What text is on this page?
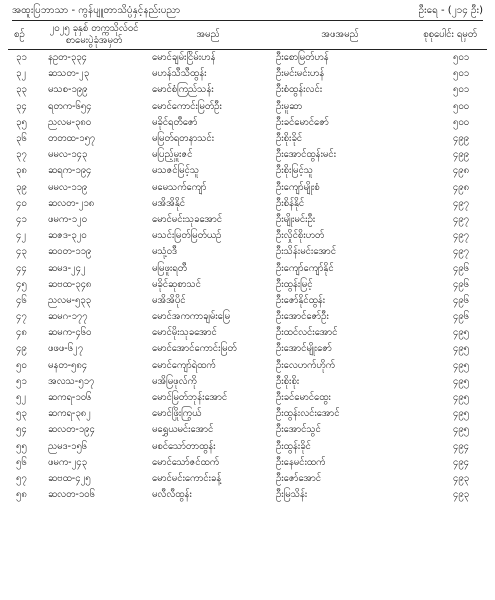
အထူးပြဘာသာ - ကွန်ပျူတာသိပ္ပံနှင့်နည်းပညာ	ဦးရေ - (၂၁၄ ဦး)
စဉ်	၂၀၂၅ ခုနှစ် တက္ကသိုလ်ဝင် စာမေးပွဲခုံအမှတ်	အမည်	အဖအမည်	စုစုပေါင်း ရမှတ်
၃၁	နဥတ-၃၃၄	မောင်ချမ်းငြိမ်းဟန်	ဦးစောမြတ်ဟန်	၅၀၁
၃၂	ဆသတ-၂၃	မဟန်သီသီထွန်း	ဦးမင်းမင်းဟန်	၅၀၁
၃၃	မသစ-၁၉၉	မောင်စံကြည်သန်း	ဦးစံထွန်းလင်း	၅၀၁
၃၄	ရတက-၆၅၄	မောင်ကောင်းမြတ်ဦး	ဦးမူဆာ	၅၀၀
၃၅	ညလမ-၃၈၀	မခိုင်ရတီဇော်	ဦးခင်မောင်ဇော်	၅၀၀
၃၆	တတထ-၁၅၇	မမြတ်ရတနာသင်း	ဦးစိုးခိုင်	၄၉၉
၃၇	မမလ-၁၄၃	မပြည့်မှူးဇင်	ဦးအောင်ထွန်းမင်း	၄၉၉
၃၈	ဆရက-၁၉၄	မသဇင်မြင့်သူ	ဦးစိုးမြင့်သူ	၄၉၈
၃၉	မမလ-၁၁၉	မမေသက်ကျော်	ဦးကျော်မျိုးစံ	၄၉၈
၄၀	ဆလတ-၂၁၈	မအိအိနိုင်	ဦးစိန်နိုင်	၄၉၇
၄၁	ဖမက-၁၂၀	မောင်မင်းသုခအောင်	ဦးမျိုးမင်းဦး	၄၉၇
၄၂	ဆဇဒ-၃၂၀	မသင်းမြတ်မြတ်ယဉ်	ဦးလှိုင်စိုးဟတ်	၄၉၇
၄၃	ဆဝတ-၁၁၉	မသုံ့ဝဒီ	ဦးသိန်းမင်းအောင်	၄၉၇
၄၄	ဆမဒ-၂၄၂	မမြဖူးရတီ	ဦးကျော်ကျော်နိုင်	၄၉၆
၄၅	ဆဗထ-၃၄၈	မခိုင်ဆုစာသင်	ဦးထွန်းမြင့်	၄၉၆
၄၆	ညလမ-၅၃၃	မအိအိပိုင်	ဦးဇော်နိုင်ထွန်း	၄၉၆
၄၇	ဆမဂ-၁၇၇	မောင်အကကာချမ်းမြေ	ဦးအောင်ဇော်ဦး	၄၉၆
၄၈	ဆမက-၄၆၀	မောင်မိုးသုခအောင်	ဦးထင်လင်းအောင်	၄၉၅
၄၉	ဖဖဖ-၆၂၇	မောင်အောင်ကောင်းမြတ်	ဦးအောင်မျိုးဇော်	၄၉၅
၅၀	မနတ-၅၈၄	မောင်ကျော်ရဲထက်	ဦးလေဟက်ဟိုက်	၄၉၅
၅၁	အလသ-၅၁၇	မအိမြဖုလ်ကို	ဦးစိုးစိုး	၄၉၅
၅၂	ဆကရ-၁၀၆	မောင်မြတ်ဘုန်းအောင်	ဦးခင်မောင်ထွေး	၄၉၅
၅၃	ဆကရ-၃၈၂	မောင်ဖြိုးကြွယ်	ဦးထွန်းလင်းအောင်	၄၉၅
၅၄	ဆလတ-၁၉၄	မရွှေယမင်းအောင်	ဦးအောင်သွင်	၄၉၅
၅၅	ညမဒ-၁၅၆	မစင်သော်တာထွန်း	ဦးထွန်းခိုင်	၄၉၄
၅၆	ဖမက-၂၄၃	မောင်သော်ဇင်ထက်	ဦးနေမင်းထက်	၄၉၄
၅၇	ဆဗထ-၄၂၅	မောင်မင်းကောင်းခန့်	ဦးဇော်အောင်	၄၉၃
၅၈	ဆလတ-၁၀၆	မလီလီထွန်း	ဦးမြသိန်း	၄၉၃
